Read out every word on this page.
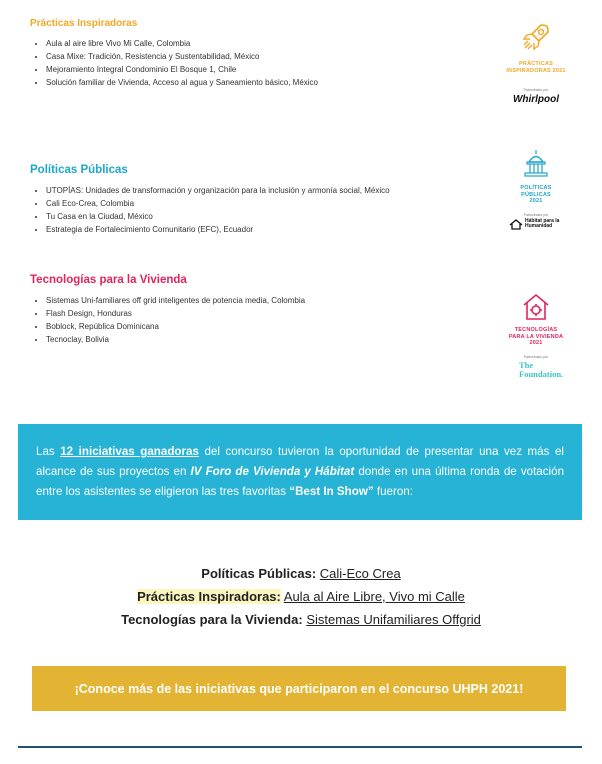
Prácticas Inspiradoras
• Aula al aire libre Vivo Mi Calle, Colombia
• Casa Mixe: Tradición, Resistencia y Sustentabilidad, México
• Mejoramiento Integral Condominio El Bosque 1, Chile
• Solución familiar de Vivienda, Acceso al agua y Saneamiento básico, México
PRÁCTICAS INSPIRADORAS 2021
Patrocinado por
Whirlpool
Políticas Públicas
• UTOPÍAS: Unidades de transformación y organización para la inclusión y armonía social, México
• Cali Eco-Crea, Colombia
• Tu Casa en la Ciudad, México
• Estrategia de Fortalecimiento Comunitario (EFC), Ecuador
POLÍTICAS PÚBLICAS 2021
Patrocinado por
Hábitat para la Humanidad
Tecnologías para la Vivienda
• Sistemas Uni-familiares off grid inteligentes de potencia media, Colombia
• Flash Design, Honduras
• Boblock, República Dominicana
• Tecnoclay, Bolivia
TECNOLOGÍAS PARA LA VIVIENDA 2021
Patrocinado por
The Foundation.
Las 12 iniciativas ganadoras del concurso tuvieron la oportunidad de presentar una vez más el alcance de sus proyectos en IV Foro de Vivienda y Hábitat donde en una última ronda de votación entre los asistentes se eligieron las tres favoritas “Best In Show” fueron:
Políticas Públicas: Cali-Eco Crea
Prácticas Inspiradoras: Aula al Aire Libre, Vivo mi Calle
Tecnologías para la Vivienda: Sistemas Unifamiliares Offgrid
¡Conoce más de las iniciativas que participaron en el concurso UHPH 2021!
